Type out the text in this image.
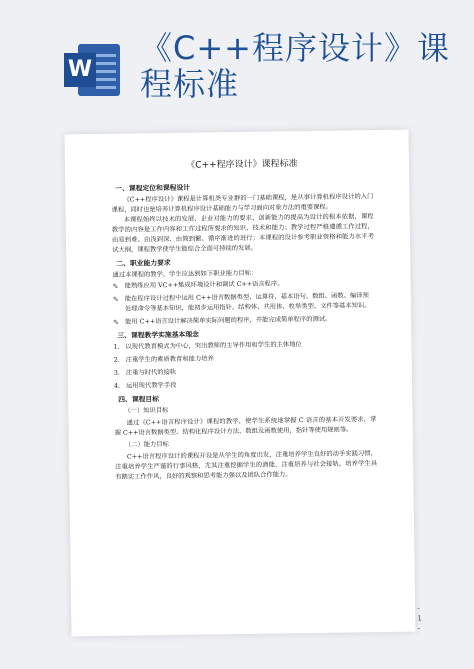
W
《C++程序设计》课程标准
《C++程序设计》课程标准
一、课程定位和课程设计

《C++程序设计》课程是计算机类专业群的一门基础课程，是从事计算机程序设计的入门课程，同时也是培养计算机程序设计基础能力与学习面向对象方法的重要课程。

本课程始终以技术的发展、企业对能力的要求、创新能力的提高为设计的根本依据，课程教学的内容是工作内容和工作过程所要求的知识、技术和能力；教学过程严格遵循工作过程，由易到难、由浅到深、由简到繁、循序渐进的进行；本课程的设计参考职业资格和能力水平考试大纲，课程教学使学生能综合全面可持续的发展。

二、职业能力要求

通过本课程的教学，学生应达到如下职业能力目标：

✎ 能熟练应用 VC++集成环境设计和调试 C++语言程序。
✎ 能在程序设计过程中运用 C++语言数据类型、运算符、基本语句、数组、函数、编译预处理命令等基本知识，能初步运用指针、结构体、共用体、枚举类型、文件等基本知识。
✎ 能用 C++语言设计解决简单实际问题的程序，并能完成简单程序的测试。
三、课程教学实施基本理念
1. 以现代教育模式为中心，突出教师的主导作用和学生的主体地位
2. 注重学生的素质教育和能力培养
3. 注重与时代的接轨
4. 运用现代教学手段
四、课程目标
（一）知识目标

通过《C++语言程序设计》课程的教学，使学生系统地掌握 C 语言的基本开发要求，掌握 C++语言数据类型、结构化程序设计方法，数组及函数使用，指针等使用规则等。

（二）能力目标

C++语言程序设计的课程开设是从学生的角度出发，注重培养学生良好的动手实践习惯，注重培养学生严谨的行事风格，尤其注重挖掘学生的潜能，注重培养与社会接轨，培养学生具有踏实工作作风，良好的观察和思考能力强以及团队合作能力。

- 1 -
